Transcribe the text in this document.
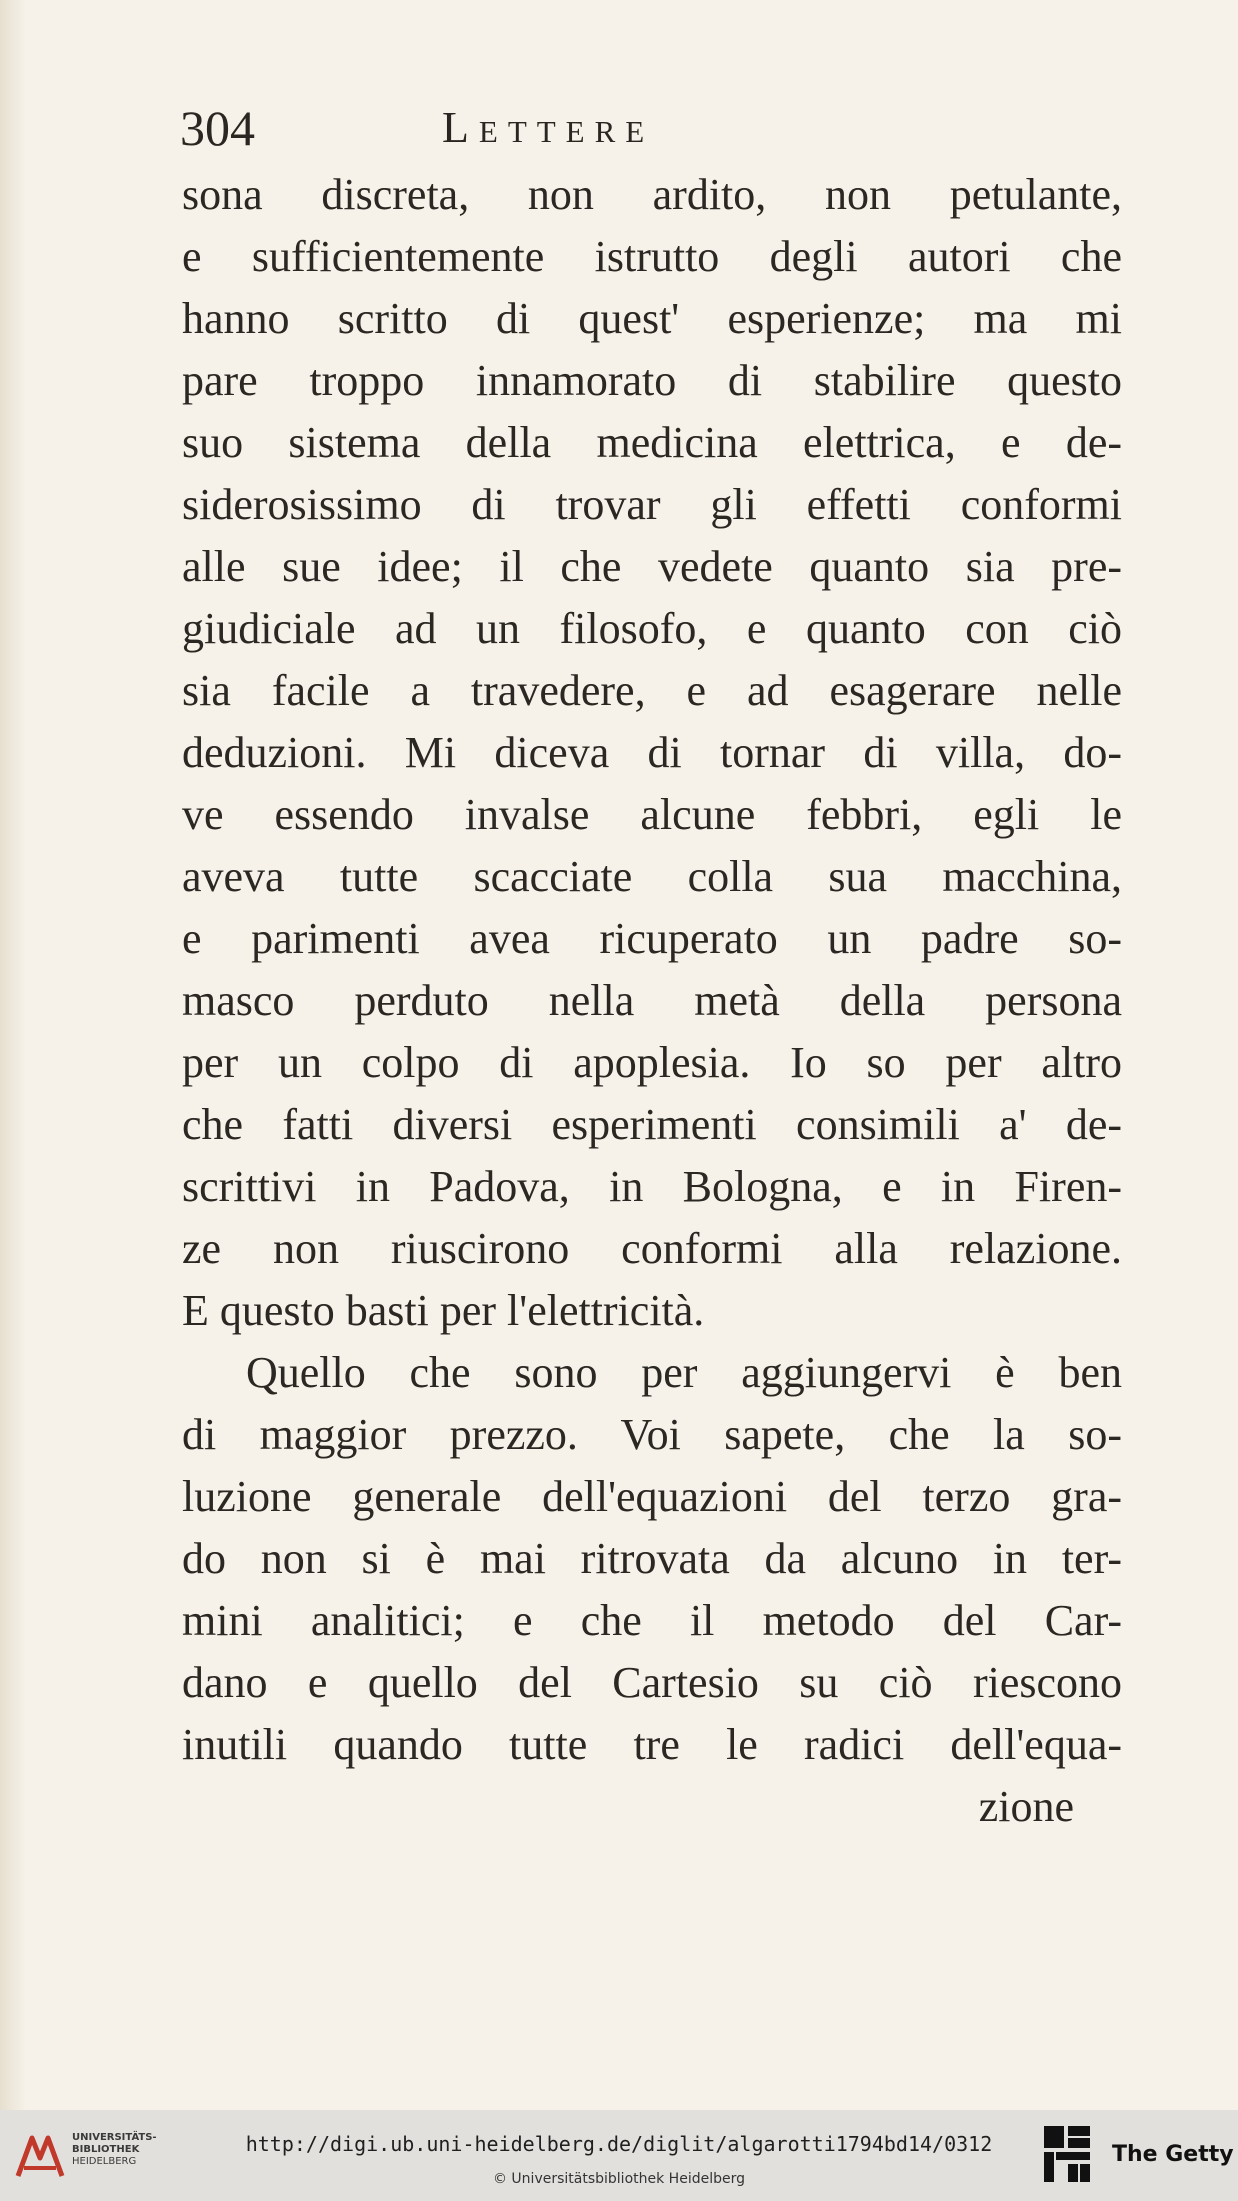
304	Lettere
sona discreta, non ardito, non petulante,
e sufficientemente istrutto degli autori che
hanno scritto di quest' esperienze; ma mi
pare troppo innamorato di stabilire questo
suo sistema della medicina elettrica, e de-
siderosissimo di trovar gli effetti conformi
alle sue idee; il che vedete quanto sia pre-
giudiciale ad un filosofo, e quanto con ciò
sia facile a travedere, e ad esagerare nelle
deduzioni. Mi diceva di tornar di villa, do-
ve essendo invalse alcune febbri, egli le
aveva tutte scacciate colla sua macchina,
e parimenti avea ricuperato un padre so-
masco perduto nella metà della persona
per un colpo di apoplesia. Io so per altro
che fatti diversi esperimenti consimili a' de-
scrittivi in Padova, in Bologna, e in Firen-
ze non riuscirono conformi alla relazione.
E questo basti per l'elettricità.
Quello che sono per aggiungervi è ben
di maggior prezzo. Voi sapete, che la so-
luzione generale dell'equazioni del terzo gra-
do non si è mai ritrovata da alcuno in ter-
mini analitici; e che il metodo del Car-
dano e quello del Cartesio su ciò riescono
inutili quando tutte tre le radici dell'equa-
zione
UNIVERSITÄTS-
BIBLIOTHEK
HEIDELBERG
http://digi.ub.uni-heidelberg.de/diglit/algarotti1794bd14/0312
© Universitätsbibliothek Heidelberg
The Getty
